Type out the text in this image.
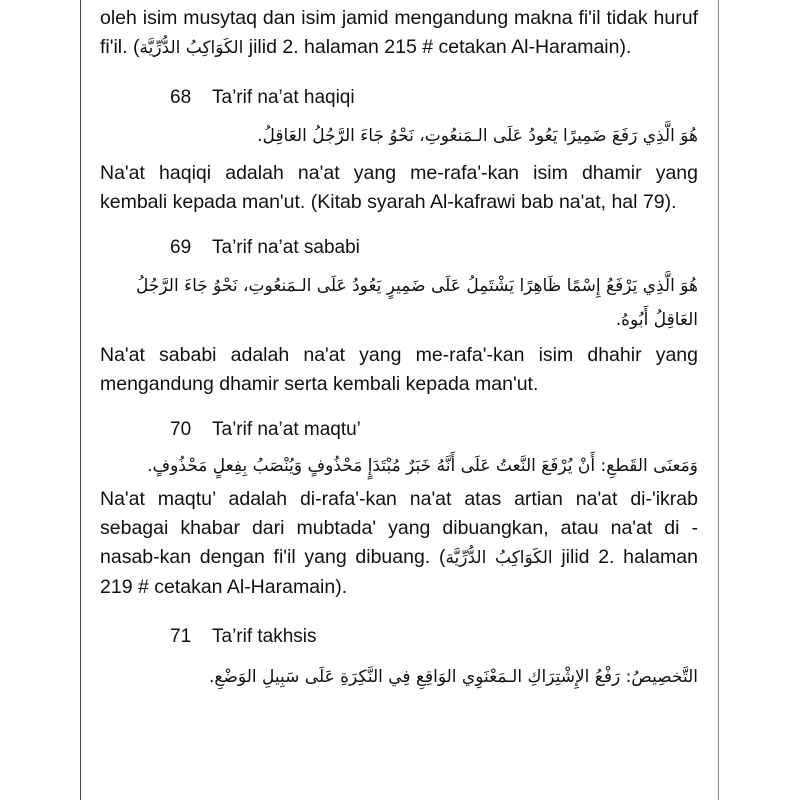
oleh isim musytaq dan isim jamid mengandung makna fi'il tidak huruf fi'il. (الكَوَاكِبُ الدُّرِّيَّة jilid 2. halaman 215 # cetakan Al-Haramain).

68 Ta’rif na’at haqiqi

هُوَ الَّذِي رَفَعَ ضَمِيرًا يَعُودُ عَلَى الـمَنعُوتِ، نَحْوُ جَاءَ الرَّجُلُ العَاقِلُ.

Na'at haqiqi adalah na'at yang me-rafa'-kan isim dhamir yang kembali kepada man'ut. (Kitab syarah Al-kafrawi bab na'at, hal 79).

69 Ta’rif na’at sababi

هُوَ الَّذِي يَرْفَعُ إِسْمًا ظَاهِرًا يَشْتَمِلُ عَلَى ضَمِيرٍ يَعُودُ عَلَى الـمَنعُوتِ، نَحْوُ جَاءَ الرَّجُلُ العَاقِلُ أَبُوهُ.

Na'at sababi adalah na'at yang me-rafa'-kan isim dhahir yang mengandung dhamir serta kembali kepada man'ut.

70 Ta’rif na’at maqtu’

وَمَعنَى القَطعِ: أَنْ يُرْفَعَ النَّعتُ عَلَى أَنَّهُ خَبَرٌ مُبْتَدَإٍ مَحْذُوفٍ وَيُنْصَبُ بِفِعلٍ مَحْذُوفٍ.

Na'at maqtu’ adalah di-rafa'-kan na'at atas artian na'at di-'ikrab sebagai khabar dari mubtada' yang dibuangkan, atau na'at di -nasab-kan dengan fi'il yang dibuang. (الكَوَاكِبُ الدُّرِّيَّة jilid 2. halaman 219 # cetakan Al-Haramain).

71 Ta’rif takhsis

التَّخصِيصُ: رَفْعُ الإِشْتِرَاكِ الـمَعْنَوِي الوَاقِعِ فِي النَّكِرَةِ عَلَى سَبِيلِ الوَضْعِ.
